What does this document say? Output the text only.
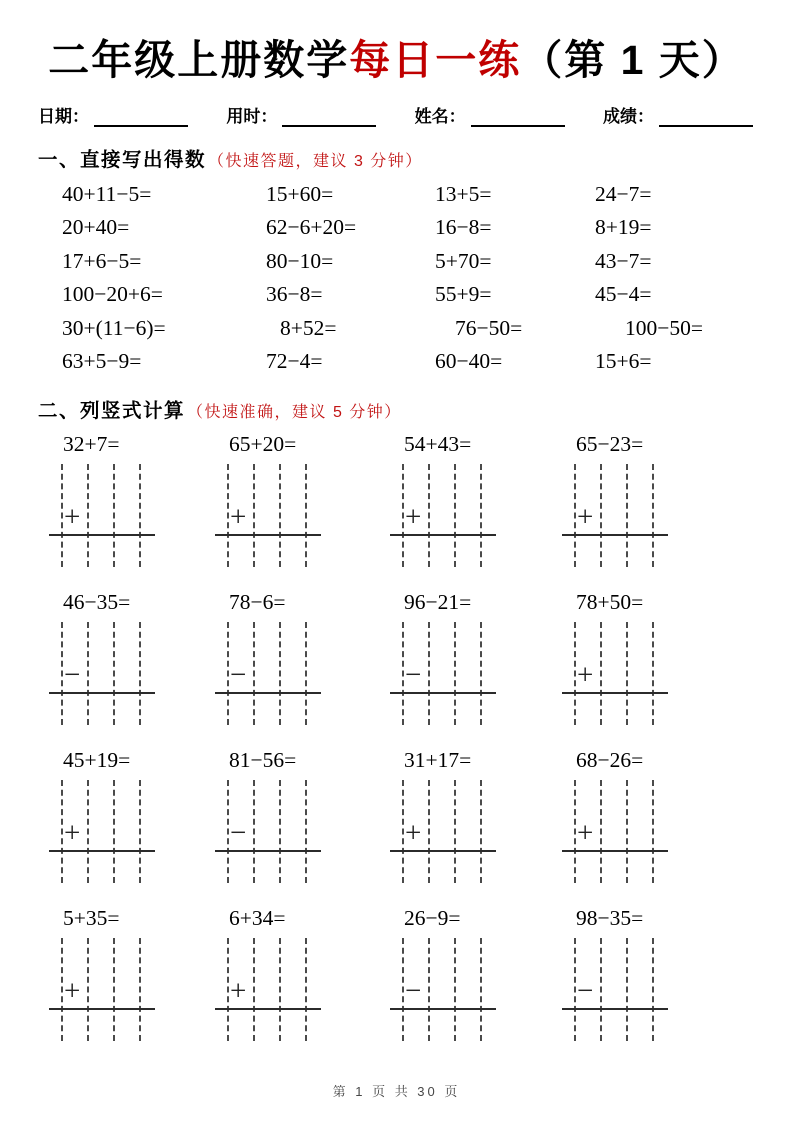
二年级上册数学每日一练（第 1 天）
日期：	用时：	姓名：	成绩：
一、直接写出得数 （快速答题，建议 3 分钟）
40+11−5=	15+60=	13+5=	24−7=
20+40=	62−6+20=	16−8=	8+19=
17+6−5=	80−10=	5+70=	43−7=
100−20+6=	36−8=	55+9=	45−4=
30+(11−6)=	8+52=	76−50=	100−50=
63+5−9=	72−4=	60−40=	15+6=
二、列竖式计算 （快速准确，建议 5 分钟）
32+7=
+
65+20=
+
54+43=
+
65−23=
+
46−35=
−
78−6=
−
96−21=
−
78+50=
+
45+19=
+
81−56=
−
31+17=
+
68−26=
+
5+35=
+
6+34=
+
26−9=
−
98−35=
−
第 1 页 共 30 页
